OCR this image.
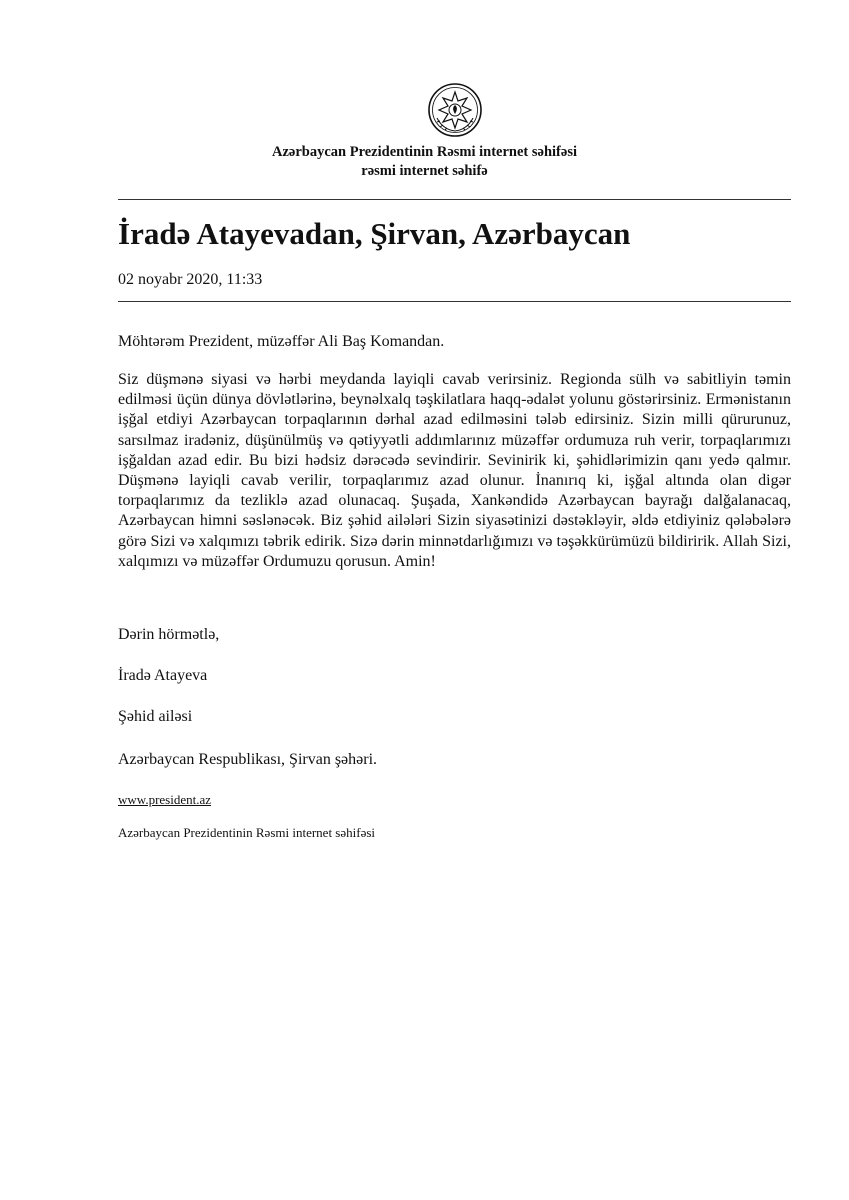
Azərbaycan Prezidentinin Rəsmi internet səhifəsi
rəsmi internet səhifə
İradə Atayevadan, Şirvan, Azərbaycan
02 noyabr 2020, 11:33

Möhtərəm Prezident, müzəffər Ali Baş Komandan.

Siz düşmənə siyasi və hərbi meydanda layiqli cavab verirsiniz. Regionda sülh və sabitliyin təmin edilməsi üçün dünya dövlətlərinə, beynəlxalq təşkilatlara haqq-ədalət yolunu göstərirsiniz. Ermənistanın işğal etdiyi Azərbaycan torpaqlarının dərhal azad edilməsini tələb edirsiniz. Sizin milli qürurunuz, sarsılmaz iradəniz, düşünülmüş və qətiyyətli addımlarınız müzəffər ordumuza ruh verir, torpaqlarımızı işğaldan azad edir. Bu bizi hədsiz dərəcədə sevindirir. Sevinirik ki, şəhidlərimizin qanı yedə qalmır. Düşmənə layiqli cavab verilir, torpaqlarımız azad olunur. İnanırıq ki, işğal altında olan digər torpaqlarımız da tezliklə azad olunacaq. Şuşada, Xankəndidə Azərbaycan bayrağı dalğalanacaq, Azərbaycan himni səslənəcək. Biz şəhid ailələri Sizin siyasətinizi dəstəkləyir, əldə etdiyiniz qələbələrə görə Sizi və xalqımızı təbrik edirik. Sizə dərin minnətdarlığımızı və təşəkkürümüzü bildiririk. Allah Sizi, xalqımızı və müzəffər Ordumuzu qorusun. Amin!

Dərin hörmətlə,

İradə Atayeva

Şəhid ailəsi

Azərbaycan Respublikası, Şirvan şəhəri.

www.president.az
Azərbaycan Prezidentinin Rəsmi internet səhifəsi
